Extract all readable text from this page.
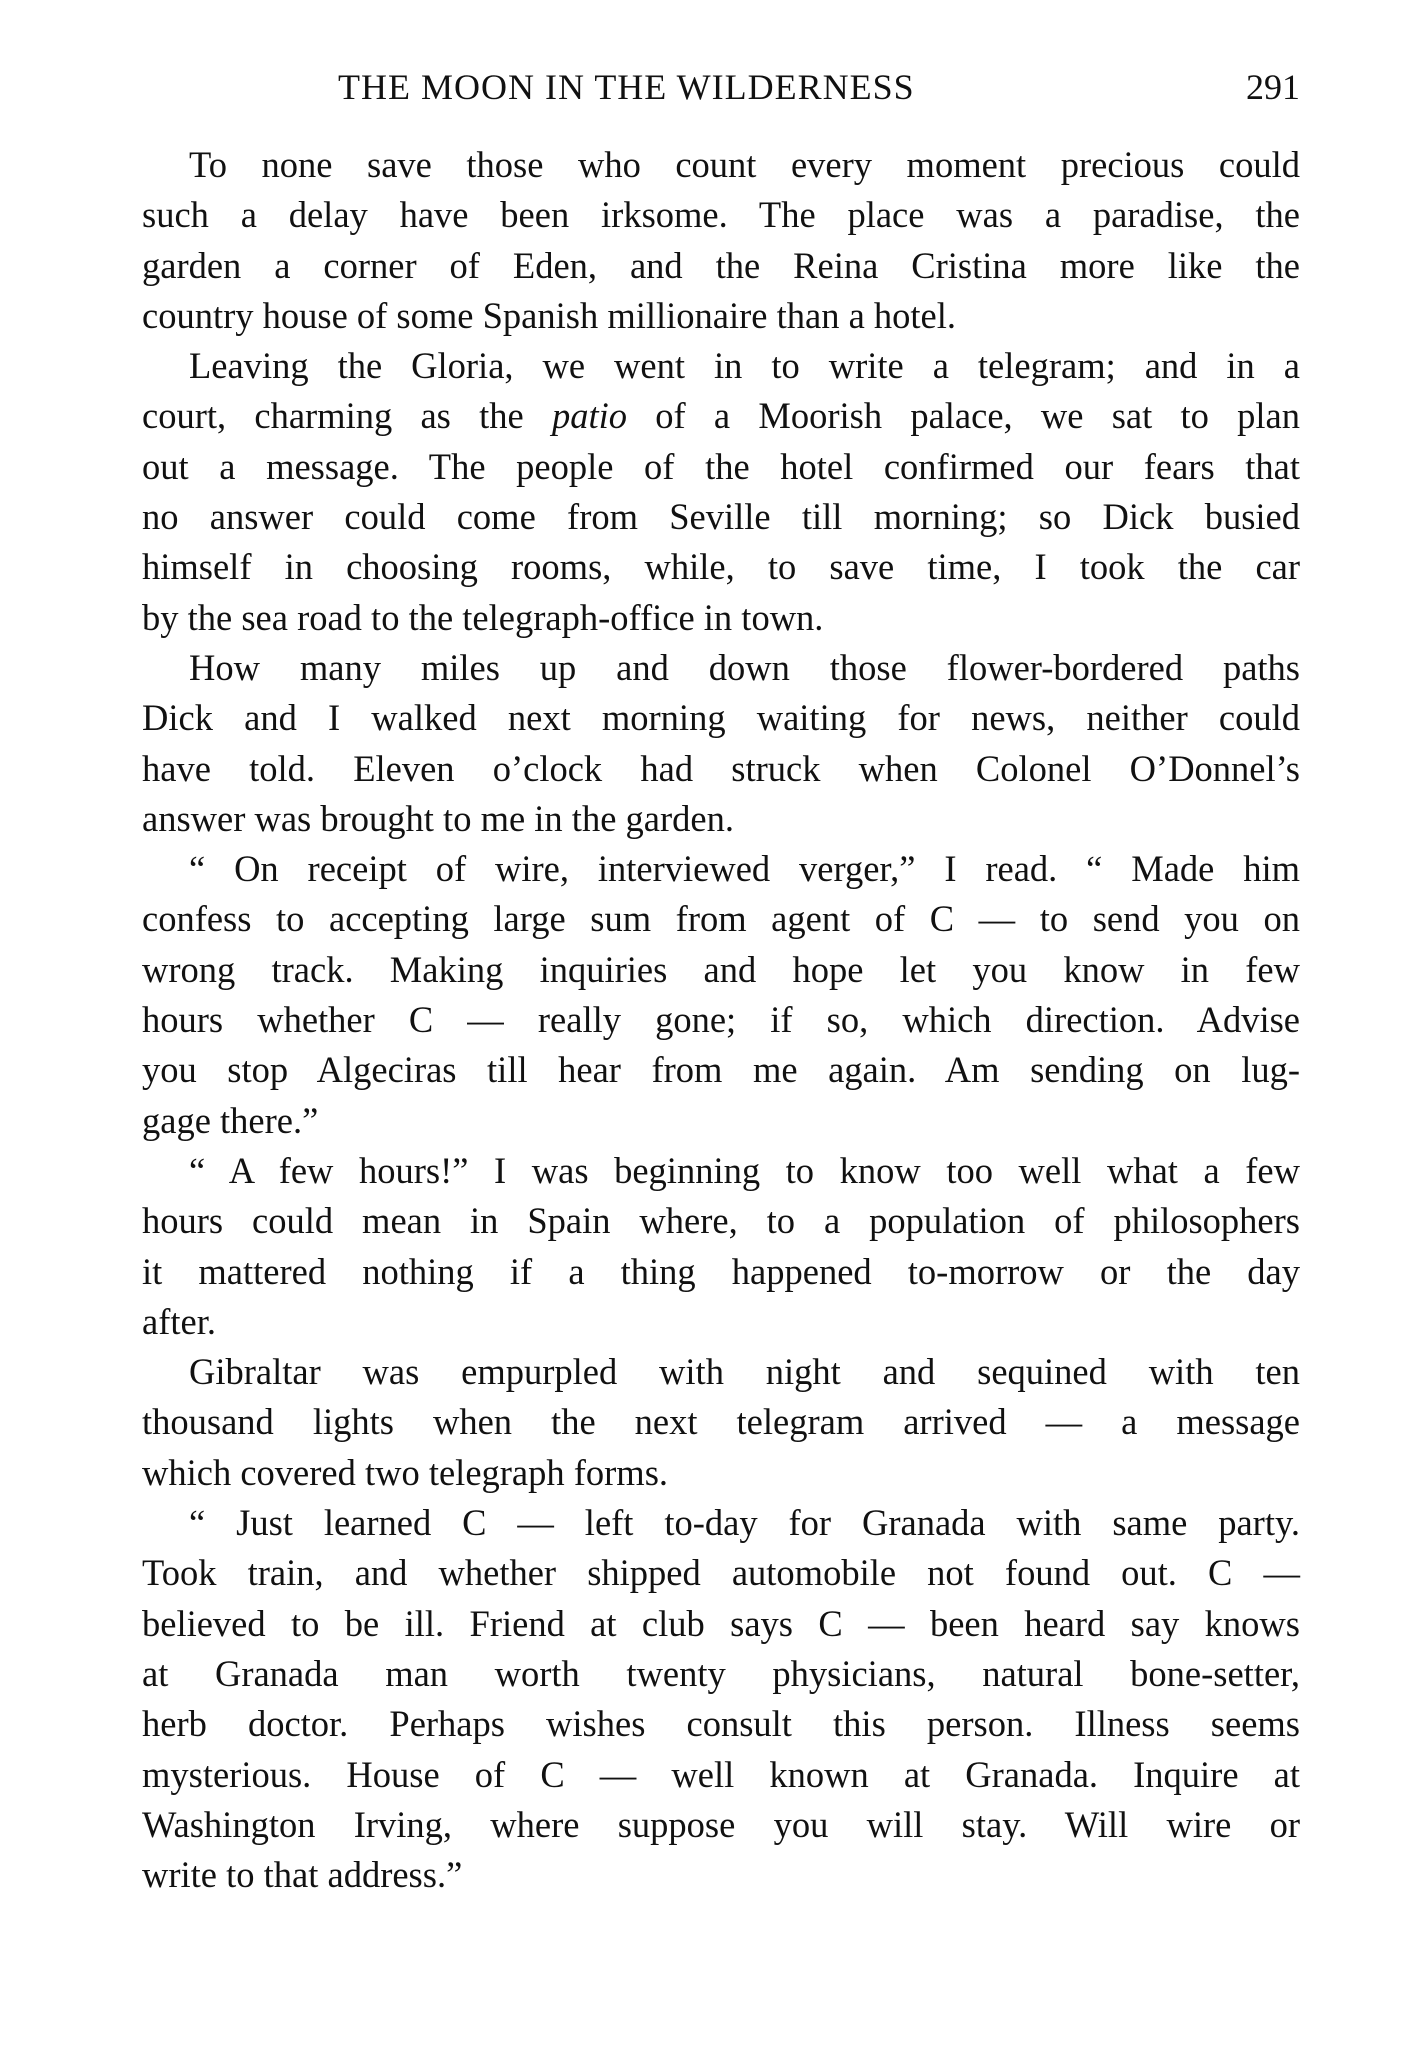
THE MOON IN THE WILDERNESS	291
To none save those who count every moment precious could
such a delay have been irksome. The place was a paradise, the
garden a corner of Eden, and the Reina Cristina more like the
country house of some Spanish millionaire than a hotel.
Leaving the Gloria, we went in to write a telegram; and in a
court, charming as the patio of a Moorish palace, we sat to plan
out a message. The people of the hotel confirmed our fears that
no answer could come from Seville till morning; so Dick busied
himself in choosing rooms, while, to save time, I took the car
by the sea road to the telegraph-office in town.
How many miles up and down those flower-bordered paths
Dick and I walked next morning waiting for news, neither could
have told. Eleven o’clock had struck when Colonel O’Donnel’s
answer was brought to me in the garden.
“ On receipt of wire, interviewed verger,” I read. “ Made him
confess to accepting large sum from agent of C — to send you on
wrong track. Making inquiries and hope let you know in few
hours whether C — really gone; if so, which direction. Advise
you stop Algeciras till hear from me again. Am sending on lug-
gage there.”
“ A few hours!” I was beginning to know too well what a few
hours could mean in Spain where, to a population of philosophers
it mattered nothing if a thing happened to-morrow or the day
after.
Gibraltar was empurpled with night and sequined with ten
thousand lights when the next telegram arrived — a message
which covered two telegraph forms.
“ Just learned C — left to-day for Granada with same party.
Took train, and whether shipped automobile not found out. C —
believed to be ill. Friend at club says C — been heard say knows
at Granada man worth twenty physicians, natural bone-setter,
herb doctor. Perhaps wishes consult this person. Illness seems
mysterious. House of C — well known at Granada. Inquire at
Washington Irving, where suppose you will stay. Will wire or
write to that address.”
